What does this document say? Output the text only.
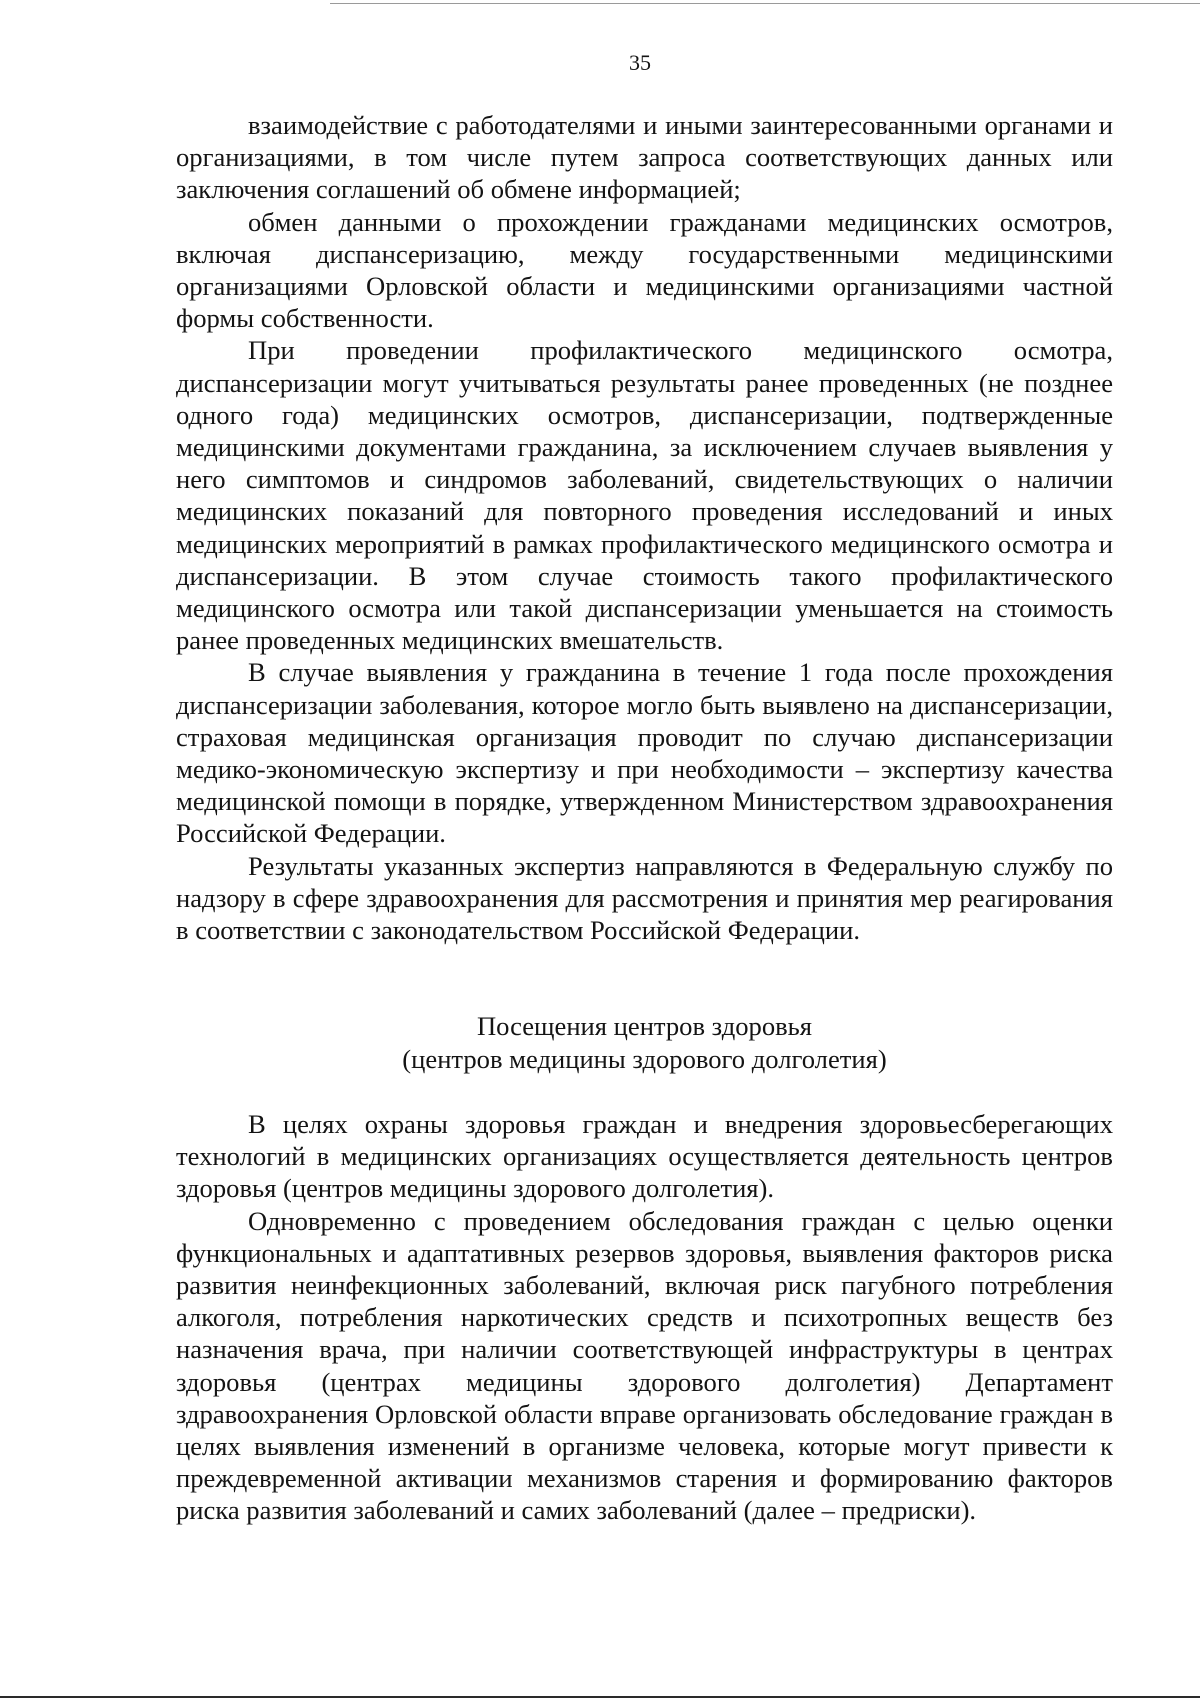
35

взаимодействие с работодателями и иными заинтересованными органами и организациями, в том числе путем запроса соответствующих данных или заключения соглашений об обмене информацией;

обмен данными о прохождении гражданами медицинских осмотров, включая диспансеризацию, между государственными медицинскими организациями Орловской области и медицинскими организациями частной формы собственности.

При проведении профилактического медицинского осмотра, диспансеризации могут учитываться результаты ранее проведенных (не позднее одного года) медицинских осмотров, диспансеризации, подтвержденные медицинскими документами гражданина, за исключением случаев выявления у него симптомов и синдромов заболеваний, свидетельствующих о наличии медицинских показаний для повторного проведения исследований и иных медицинских мероприятий в рамках профилактического медицинского осмотра и диспансеризации. В этом случае стоимость такого профилактического медицинского осмотра или такой диспансеризации уменьшается на стоимость ранее проведенных медицинских вмешательств.

В случае выявления у гражданина в течение 1 года после прохождения диспансеризации заболевания, которое могло быть выявлено на диспансеризации, страховая медицинская организация проводит по случаю диспансеризации медико-экономическую экспертизу и при необходимости – экспертизу качества медицинской помощи в порядке, утвержденном Министерством здравоохранения Российской Федерации.

Результаты указанных экспертиз направляются в Федеральную службу по надзору в сфере здравоохранения для рассмотрения и принятия мер реагирования в соответствии с законодательством Российской Федерации.

Посещения центров здоровья
(центров медицины здорового долголетия)

В целях охраны здоровья граждан и внедрения здоровьесберегающих технологий в медицинских организациях осуществляется деятельность центров здоровья (центров медицины здорового долголетия).

Одновременно с проведением обследования граждан с целью оценки функциональных и адаптативных резервов здоровья, выявления факторов риска развития неинфекционных заболеваний, включая риск пагубного потребления алкоголя, потребления наркотических средств и психотропных веществ без назначения врача, при наличии соответствующей инфраструктуры в центрах здоровья (центрах медицины здорового долголетия) Департамент здравоохранения Орловской области вправе организовать обследование граждан в целях выявления изменений в организме человека, которые могут привести к преждевременной активации механизмов старения и формированию факторов риска развития заболеваний и самих заболеваний (далее – предриски).
